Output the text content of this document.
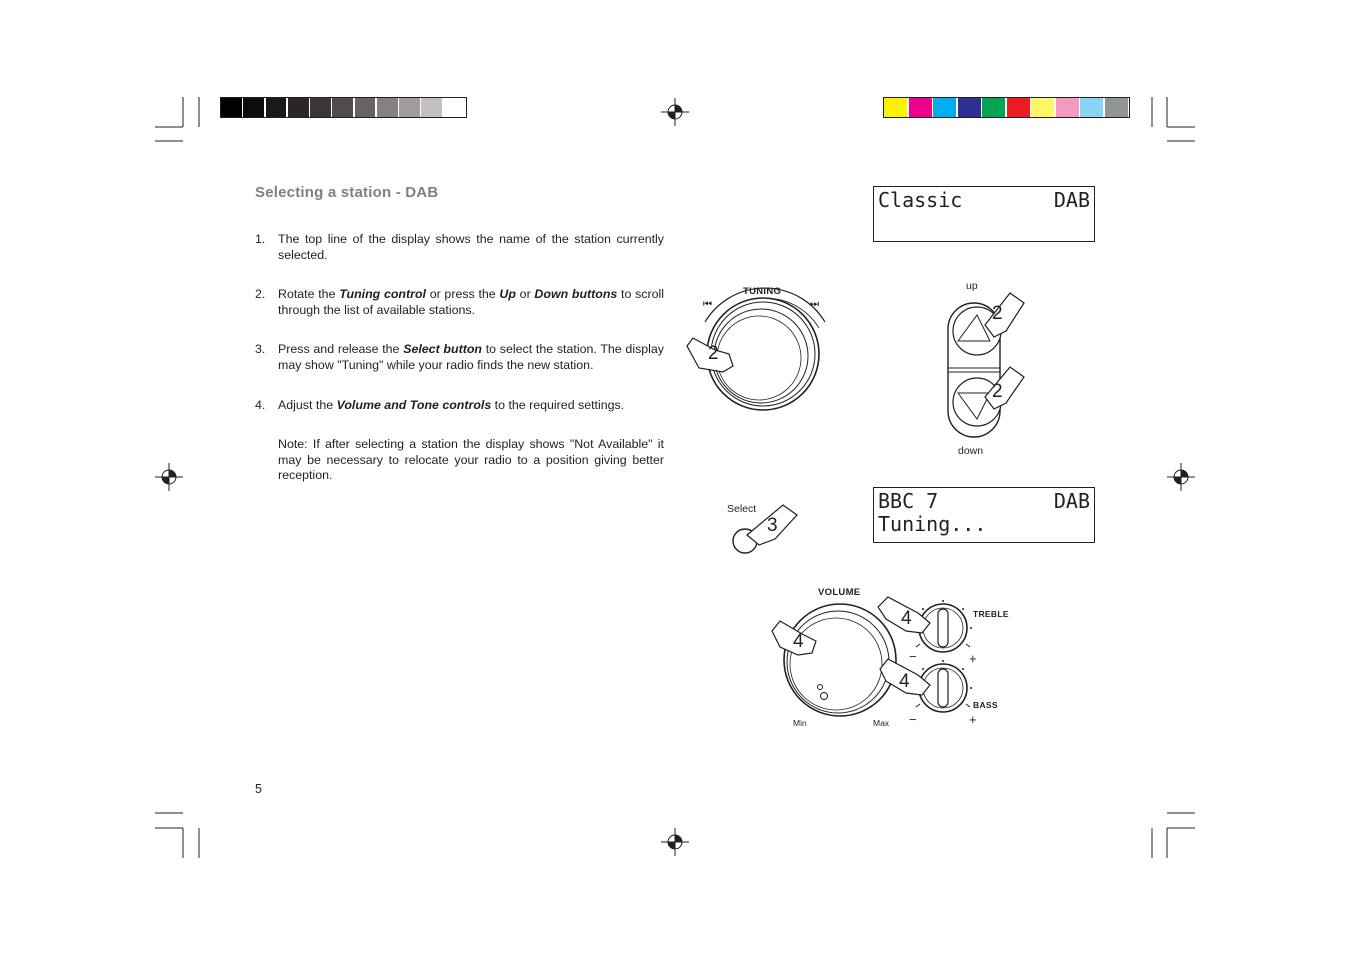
Selecting a station - DAB
1. The top line of the display shows the name of the station currently selected.
2. Rotate the Tuning control or press the Up or Down buttons to scroll through the list of available stations.
3. Press and release the Select button to select the station. The display may show "Tuning" while your radio finds the new station.
4. Adjust the Volume and Tone controls to the required settings.
Note: If after selecting a station the display shows "Not Available" it may be necessary to relocate your radio to a position giving better reception.
5
Classic	DAB
BBC 7	DAB
Tuning...
TUNING
⏮	⏭
2
up
2
2
down
Select
3
VOLUME
4
4
4
TREBLE
BASS
Min	Max
−	+
−	+
